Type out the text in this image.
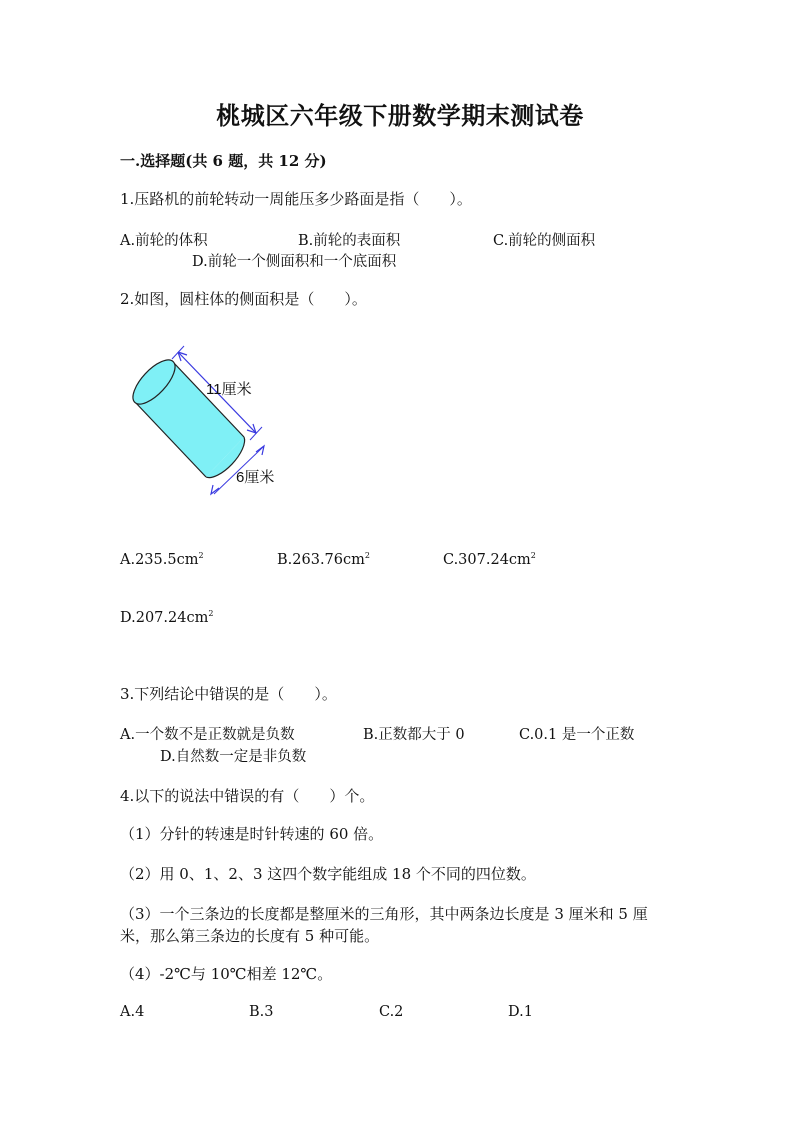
桃城区六年级下册数学期末测试卷
一.选择题(共 6 题，共 12 分)
1.压路机的前轮转动一周能压多少路面是指（　　）。
A.前轮的体积	B.前轮的表面积	C.前轮的侧面积
D.前轮一个侧面积和一个底面积
2.如图，圆柱体的侧面积是（　　）。
11厘米
6厘米
$A.235.5cm^2$	$B.263.76cm^2$	$C.307.24cm^2$
$D.207.24cm^2$
3.下列结论中错误的是（　　）。
A.一个数不是正数就是负数	B.正数都大于 0	C.0.1 是一个正数
D.自然数一定是非负数
4.以下的说法中错误的有（　　）个。
（1）分针的转速是时针转速的 60 倍。
（2）用 0、1、2、3 这四个数字能组成 18 个不同的四位数。
（3）一个三条边的长度都是整厘米的三角形，其中两条边长度是 3 厘米和 5 厘
米，那么第三条边的长度有 5 种可能。
（4）-2℃与 10℃相差 12℃。
A.4	B.3	C.2	D.1
